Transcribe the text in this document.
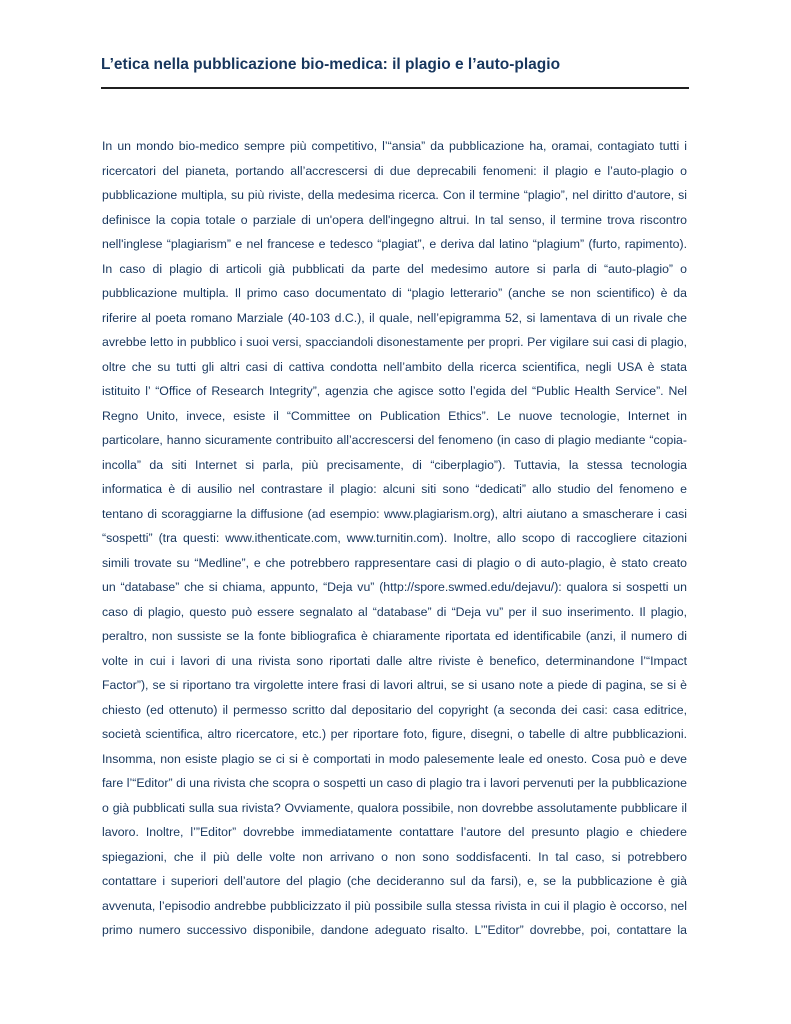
L’etica nella pubblicazione bio-medica: il plagio e l’auto-plagio
In un mondo bio-medico sempre più competitivo, l’“ansia” da pubblicazione ha, oramai, contagiato tutti i
ricercatori del pianeta, portando all’accrescersi di due deprecabili fenomeni: il plagio e l’auto-plagio o
pubblicazione multipla, su più riviste, della medesima ricerca. Con il termine “plagio”, nel diritto d'autore, si
definisce la copia totale o parziale di un'opera dell'ingegno altrui. In tal senso, il termine trova riscontro
nell'inglese “plagiarism” e nel francese e tedesco “plagiat”, e deriva dal latino “plagium” (furto, rapimento).
In caso di plagio di articoli già pubblicati da parte del medesimo autore si parla di “auto-plagio” o
pubblicazione multipla. Il primo caso documentato di “plagio letterario” (anche se non scientifico) è da
riferire al poeta romano Marziale (40-103 d.C.), il quale, nell’epigramma 52, si lamentava di un rivale che
avrebbe letto in pubblico i suoi versi, spacciandoli disonestamente per propri. Per vigilare sui casi di plagio,
oltre che su tutti gli altri casi di cattiva condotta nell’ambito della ricerca scientifica, negli USA è stata
istituito l’ “Office of Research Integrity”, agenzia che agisce sotto l’egida del “Public Health Service”. Nel
Regno Unito, invece, esiste il “Committee on Publication Ethics”. Le nuove tecnologie, Internet in
particolare, hanno sicuramente contribuito all’accrescersi del fenomeno (in caso di plagio mediante “copia-
incolla” da siti Internet si parla, più precisamente, di “ciberplagio”). Tuttavia, la stessa tecnologia
informatica è di ausilio nel contrastare il plagio: alcuni siti sono “dedicati” allo studio del fenomeno e
tentano di scoraggiarne la diffusione (ad esempio: www.plagiarism.org), altri aiutano a smascherare i casi
“sospetti” (tra questi: www.ithenticate.com, www.turnitin.com). Inoltre, allo scopo di raccogliere citazioni
simili trovate su “Medline”, e che potrebbero rappresentare casi di plagio o di auto-plagio, è stato creato
un “database” che si chiama, appunto, “Deja vu” (http://spore.swmed.edu/dejavu/): qualora si sospetti un
caso di plagio, questo può essere segnalato al “database” di “Deja vu” per il suo inserimento. Il plagio,
peraltro, non sussiste se la fonte bibliografica è chiaramente riportata ed identificabile (anzi, il numero di
volte in cui i lavori di una rivista sono riportati dalle altre riviste è benefico, determinandone l’“Impact
Factor”), se si riportano tra virgolette intere frasi di lavori altrui, se si usano note a piede di pagina, se si è
chiesto (ed ottenuto) il permesso scritto dal depositario del copyright (a seconda dei casi: casa editrice,
società scientifica, altro ricercatore, etc.) per riportare foto, figure, disegni, o tabelle di altre pubblicazioni.
Insomma, non esiste plagio se ci si è comportati in modo palesemente leale ed onesto. Cosa può e deve
fare l’“Editor” di una rivista che scopra o sospetti un caso di plagio tra i lavori pervenuti per la pubblicazione
o già pubblicati sulla sua rivista? Ovviamente, qualora possibile, non dovrebbe assolutamente pubblicare il
lavoro. Inoltre, l’”Editor” dovrebbe immediatamente contattare l’autore del presunto plagio e chiedere
spiegazioni, che il più delle volte non arrivano o non sono soddisfacenti. In tal caso, si potrebbero
contattare i superiori dell’autore del plagio (che decideranno sul da farsi), e, se la pubblicazione è già
avvenuta, l’episodio andrebbe pubblicizzato il più possibile sulla stessa rivista in cui il plagio è occorso, nel
primo numero successivo disponibile, dandone adeguato risalto. L’”Editor” dovrebbe, poi, contattare la
